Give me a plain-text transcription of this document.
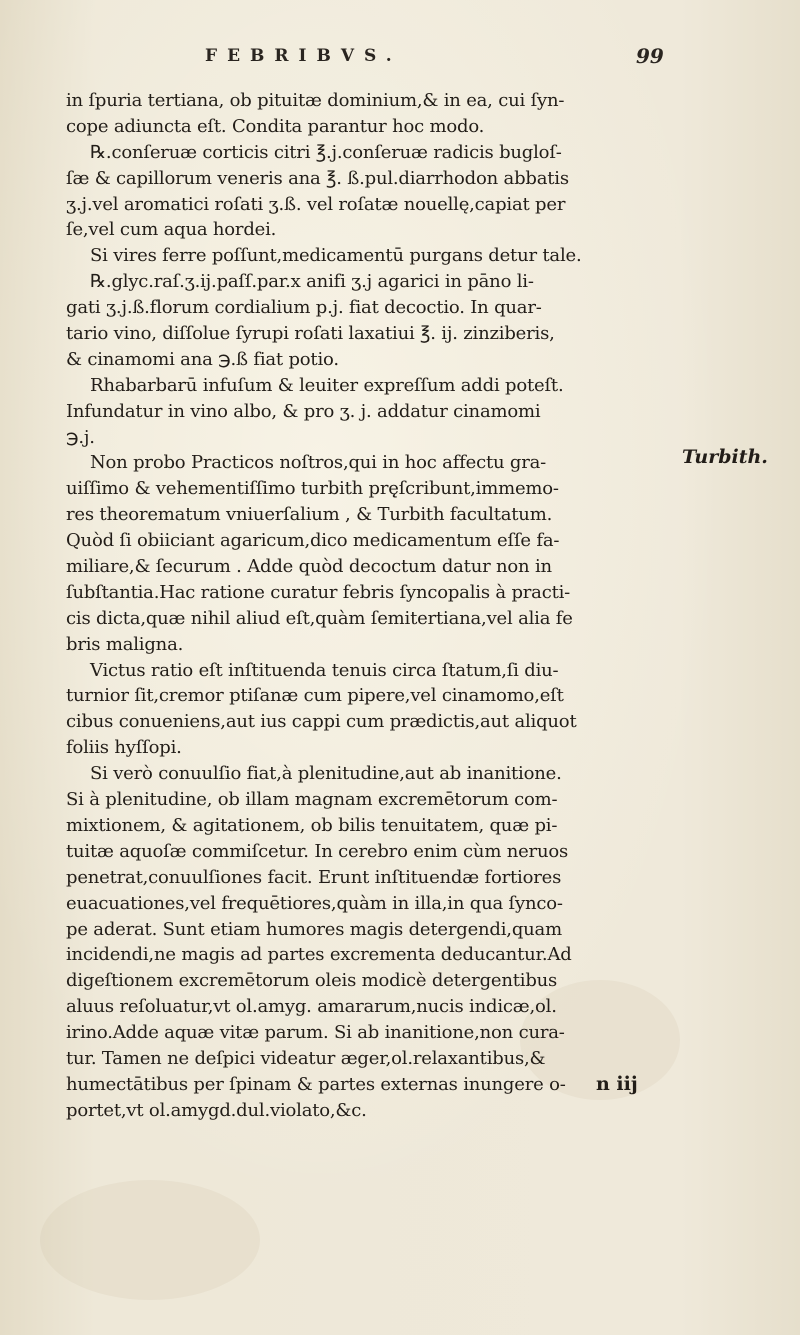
FEBRIBVS.	99
in ſpuria tertiana, ob pituitæ dominium,& in ea, cui ſyn-
cope adiuncta eſt. Condita parantur hoc modo.
℞.conſeruæ corticis citri ℥.j.conſeruæ radicis bugloſ-
ſæ & capillorum veneris ana ℥. ß.pul.diarrhodon abbatis
ʒ.j.vel aromatici roſati ʒ.ß. vel roſatæ nouellę,capiat per
ſe,vel cum aqua hordei.
Si vires ferre poſſunt,medicamentū purgans detur tale.
℞.glyc.raſ.ʒ.ij.paſſ.par.x anifi ʒ.j agarici in pāno li-
gati ʒ.j.ß.florum cordialium p.j. fiat decoctio. In quar-
tario vino, diſſolue ſyrupi roſati laxatiui ℥. ij. zinziberis,
& cinamomi ana ℈.ß fiat potio.
Rhabarbarū infuſum & leuiter expreſſum addi poteſt.
Infundatur in vino albo, & pro ʒ. j. addatur cinamomi
℈.j.
Non probo Practicos noſtros,qui in hoc affectu gra-
uiſſimo & vehementiſſimo turbith prę̨ſcribunt,immemo-
res theorematum vniuerſalium , & Turbith facultatum.
Quòd ſi obiiciant agaricum,dico medicamentum eſſe fa-
miliare,& ſecurum . Adde quòd decoctum datur non in
ſubſtantia.Hac ratione curatur febris ſyncopalis à practi-
cis dicta,quæ nihil aliud eſt,quàm ſemitertiana,vel alia fe
bris maligna.
Victus ratio eſt inſtituenda tenuis circa ſtatum,ſi diu-
turnior ſit,cremor ptiſanæ cum pipere,vel cinamomo,eſt
cibus conueniens,aut ius cappi cum prædictis,aut aliquot
foliis hyſſopi.
Si verò conuulſio fiat,à plenitudine,aut ab inanitione.
Si à plenitudine, ob illam magnam excremētorum com-
mixtionem, & agitationem, ob bilis tenuitatem, quæ pi-
tuitæ aquoſæ commiſcetur. In cerebro enim cùm neruos
penetrat,conuulſiones facit. Erunt inſtituendæ fortiores
euacuationes,vel frequētiores,quàm in illa,in qua ſynco-
pe aderat. Sunt etiam humores magis detergendi,quam
incidendi,ne magis ad partes excrementa deducantur.Ad
digeſtionem excremētorum oleis modicè detergentibus
aluus reſoluatur,vt ol.amyg. amararum,nucis indicæ,ol.
irino.Adde aquæ vitæ parum. Si ab inanitione,non cura-
tur. Tamen ne deſpici videatur æger,ol.relaxantibus,&
humectātibus per ſpinam & partes externas inungere o-
portet,vt ol.amygd.dul.violato,&c.
Turbith.
n iij
